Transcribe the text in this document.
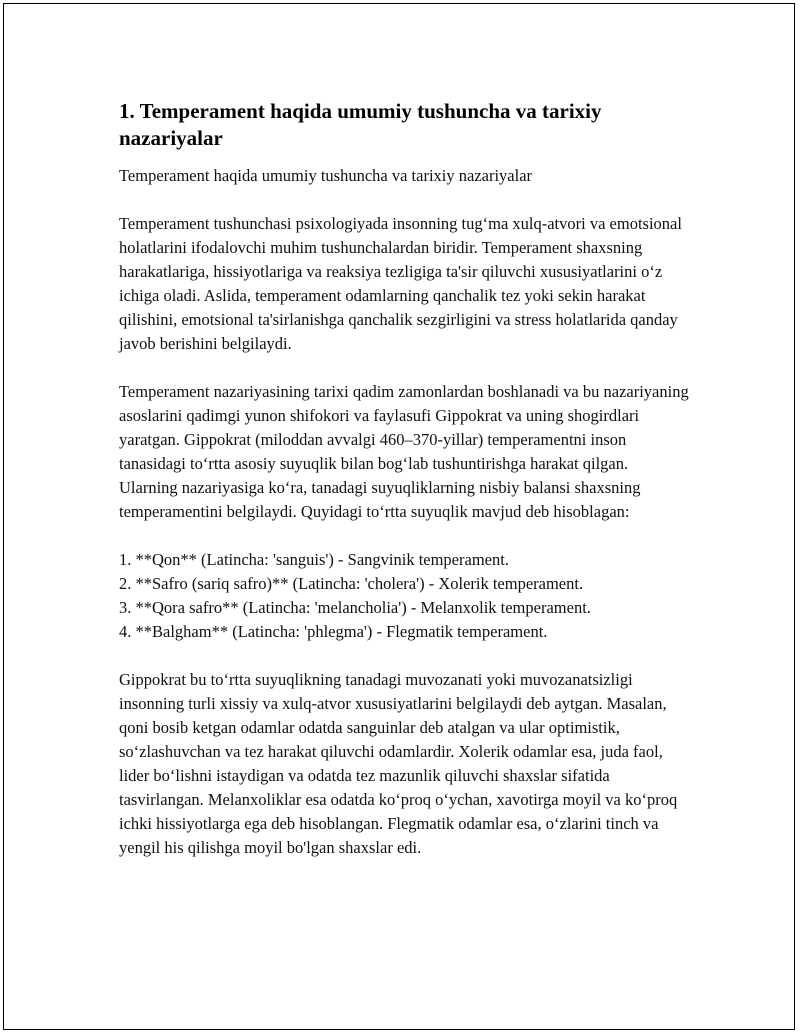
1. Temperament haqida umumiy tushuncha va tarixiy nazariyalar

Temperament haqida umumiy tushuncha va tarixiy nazariyalar

Temperament tushunchasi psixologiyada insonning tug‘ma xulq-atvori va emotsional holatlarini ifodalovchi muhim tushunchalardan biridir. Temperament shaxsning harakatlariga, hissiyotlariga va reaksiya tezligiga ta'sir qiluvchi xususiyatlarini o‘z ichiga oladi. Aslida, temperament odamlarning qanchalik tez yoki sekin harakat qilishini, emotsional ta'sirlanishga qanchalik sezgirligini va stress holatlarida qanday javob berishini belgilaydi.

Temperament nazariyasining tarixi qadim zamonlardan boshlanadi va bu nazariyaning asoslarini qadimgi yunon shifokori va faylasufi Gippokrat va uning shogirdlari yaratgan. Gippokrat (miloddan avvalgi 460–370-yillar) temperamentni inson tanasidagi to‘rtta asosiy suyuqlik bilan bog‘lab tushuntirishga harakat qilgan. Ularning nazariyasiga ko‘ra, tanadagi suyuqliklarning nisbiy balansi shaxsning temperamentini belgilaydi. Quyidagi to‘rtta suyuqlik mavjud deb hisoblagan:

1. **Qon** (Latincha: 'sanguis') - Sangvinik temperament.
2. **Safro (sariq safro)** (Latincha: 'cholera') - Xolerik temperament.
3. **Qora safro** (Latincha: 'melancholia') - Melanxolik temperament.
4. **Balgham** (Latincha: 'phlegma') - Flegmatik temperament.

Gippokrat bu to‘rtta suyuqlikning tanadagi muvozanati yoki muvozanatsizligi insonning turli xissiy va xulq-atvor xususiyatlarini belgilaydi deb aytgan. Masalan, qoni bosib ketgan odamlar odatda sanguinlar deb atalgan va ular optimistik, so‘zlashuvchan va tez harakat qiluvchi odamlardir. Xolerik odamlar esa, juda faol, lider bo‘lishni istaydigan va odatda tez mazunlik qiluvchi shaxslar sifatida tasvirlangan. Melanxoliklar esa odatda ko‘proq o‘ychan, xavotirga moyil va ko‘proq ichki hissiyotlarga ega deb hisoblangan. Flegmatik odamlar esa, o‘zlarini tinch va yengil his qilishga moyil bo'lgan shaxslar edi.
